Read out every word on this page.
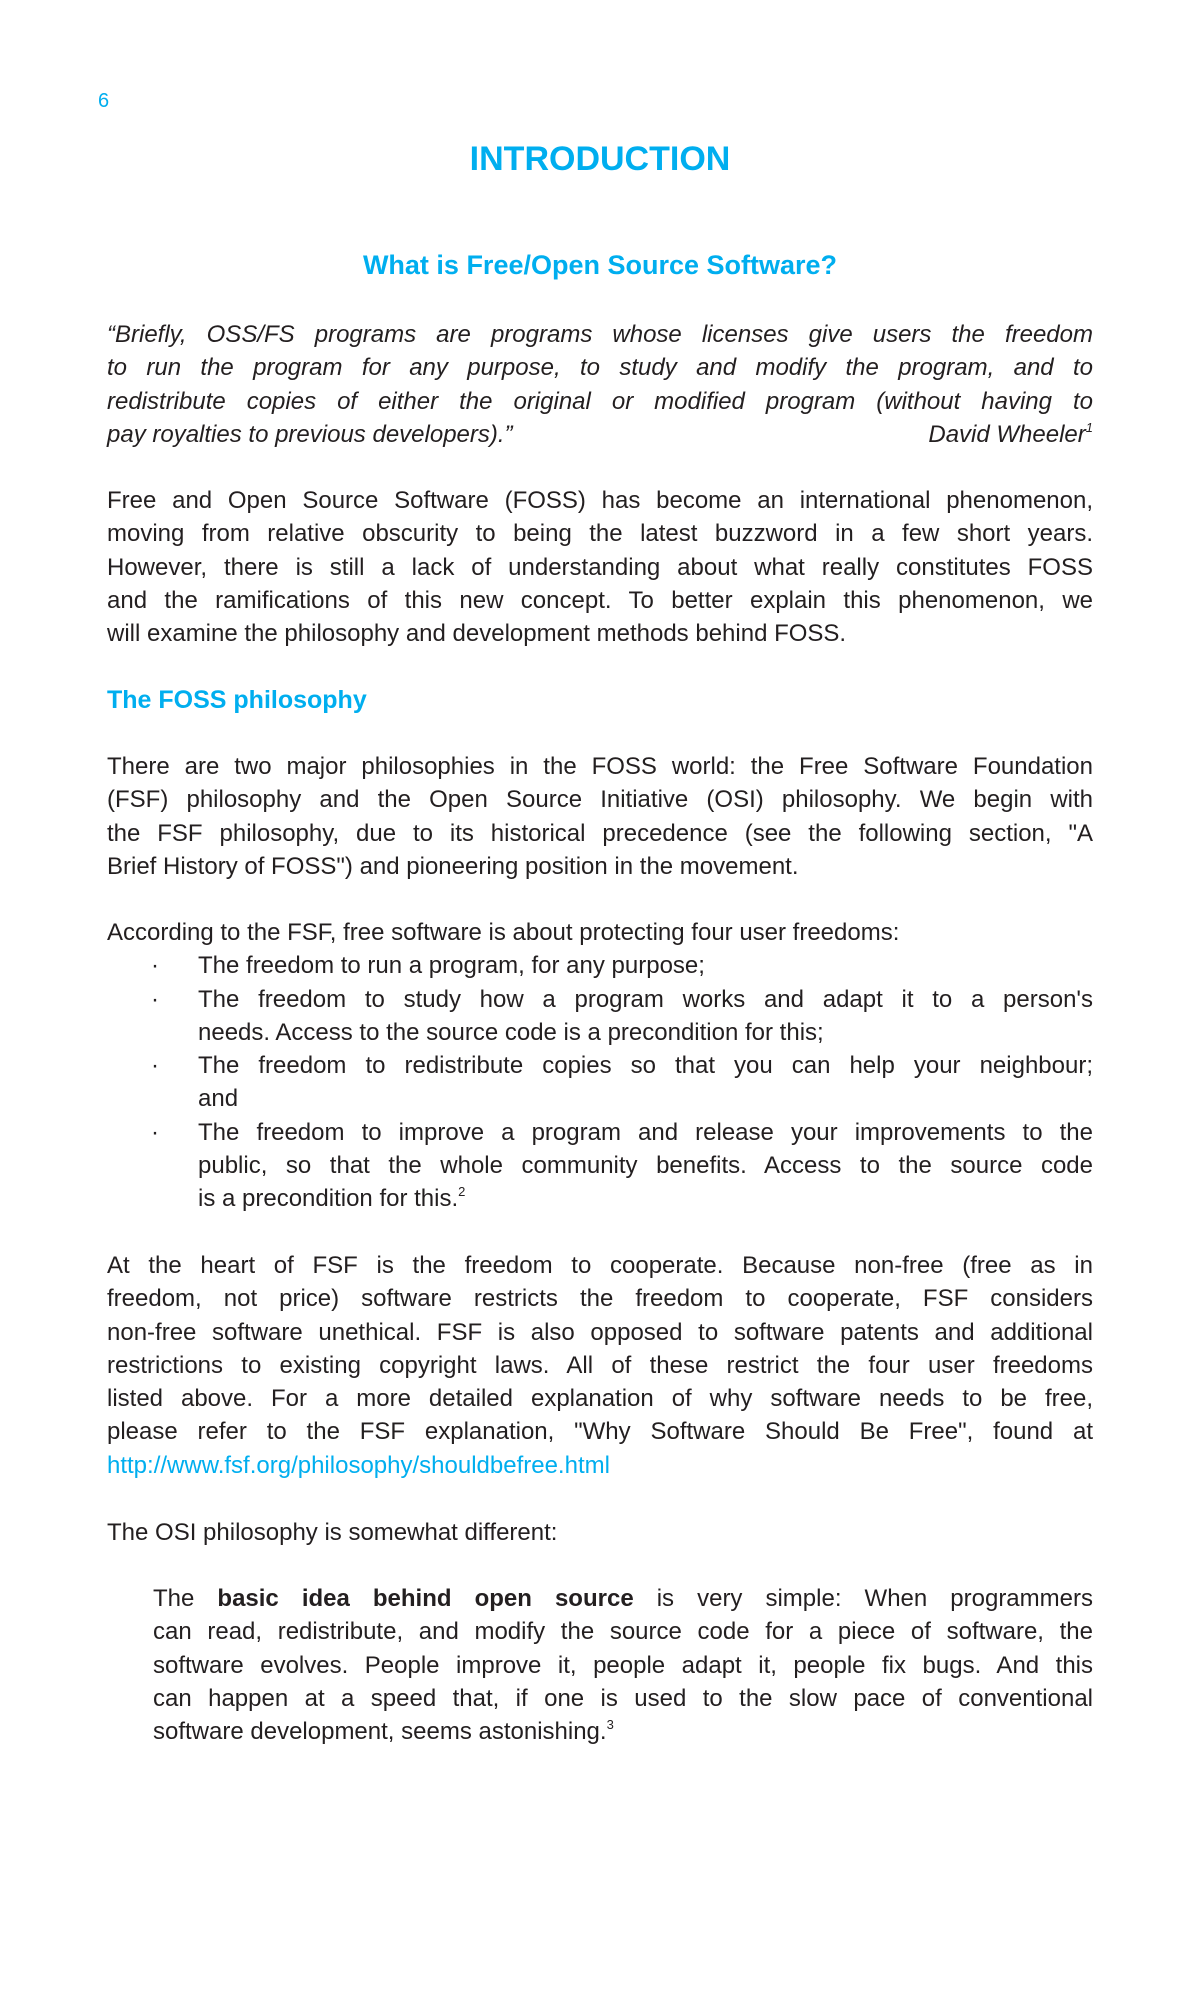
6
INTRODUCTION
What is Free/Open Source Software?
“Briefly, OSS/FS programs are programs whose licenses give users the freedom
to run the program for any purpose, to study and modify the program, and to
redistribute copies of either the original or modified program (without having to
pay royalties to previous developers).”	David Wheeler$^1$
Free and Open Source Software (FOSS) has become an international phenomenon,
moving from relative obscurity to being the latest buzzword in a few short years.
However, there is still a lack of understanding about what really constitutes FOSS
and the ramifications of this new concept. To better explain this phenomenon, we
will examine the philosophy and development methods behind FOSS.
The FOSS philosophy
There are two major philosophies in the FOSS world: the Free Software Foundation
(FSF) philosophy and the Open Source Initiative (OSI) philosophy. We begin with
the FSF philosophy, due to its historical precedence (see the following section, "A
Brief History of FOSS") and pioneering position in the movement.
According to the FSF, free software is about protecting four user freedoms:
· The freedom to run a program, for any purpose;
· The freedom to study how a program works and adapt it to a person's
needs. Access to the source code is a precondition for this;
· The freedom to redistribute copies so that you can help your neighbour;
and
· The freedom to improve a program and release your improvements to the
public, so that the whole community benefits. Access to the source code
is a precondition for this.$^2$
At the heart of FSF is the freedom to cooperate. Because non-free (free as in
freedom, not price) software restricts the freedom to cooperate, FSF considers
non-free software unethical. FSF is also opposed to software patents and additional
restrictions to existing copyright laws. All of these restrict the four user freedoms
listed above. For a more detailed explanation of why software needs to be free,
please refer to the FSF explanation, "Why Software Should Be Free", found at
http://www.fsf.org/philosophy/shouldbefree.html
The OSI philosophy is somewhat different:
The basic idea behind open source is very simple: When programmers
can read, redistribute, and modify the source code for a piece of software, the
software evolves. People improve it, people adapt it, people fix bugs. And this
can happen at a speed that, if one is used to the slow pace of conventional
software development, seems astonishing.$^3$
